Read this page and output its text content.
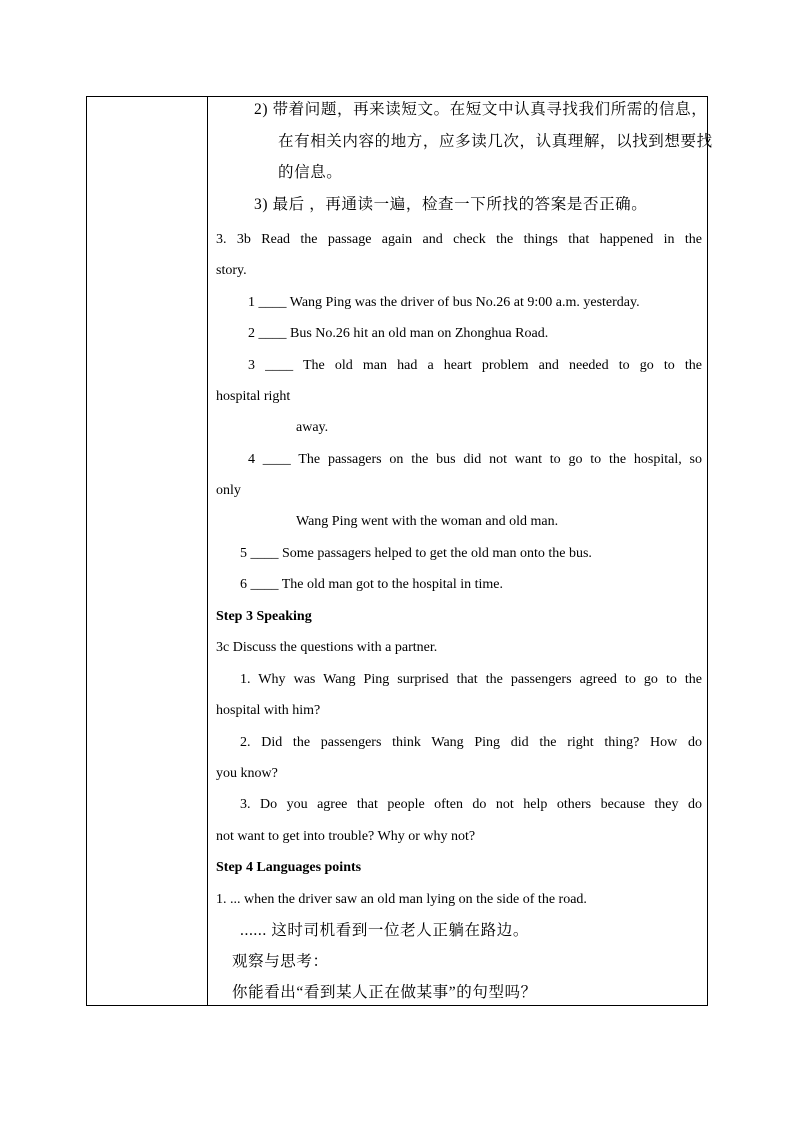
2) 带着问题，再来读短文。在短文中认真寻找我们所需的信息，
在有相关内容的地方，应多读几次，认真理解，以找到想要找
的信息。
3) 最后 ，再通读一遍，检查一下所找的答案是否正确。
3. 3b Read the passage again and check the things that happened in the
story.
1 ____ Wang Ping was the driver of bus No.26 at 9:00 a.m. yesterday.
2 ____ Bus No.26 hit an old man on Zhonghua Road.
3 ____ The old man had a heart problem and needed to go to the
hospital right
away.
4 ____ The passagers on the bus did not want to go to the hospital, so
only
Wang Ping went with the woman and old man.
5 ____ Some passagers helped to get the old man onto the bus.
6 ____ The old man got to the hospital in time.
Step 3 Speaking
3c Discuss the questions with a partner.
1. Why was Wang Ping surprised that the passengers agreed to go to the
hospital with him?
2. Did the passengers think Wang Ping did the right thing? How do
you know?
3. Do you agree that people often do not help others because they do
not want to get into trouble? Why or why not?
Step 4 Languages points
1. ... when the driver saw an old man lying on the side of the road.
...... 这时司机看到一位老人正躺在路边。
观察与思考：
你能看出“看到某人正在做某事”的句型吗？
